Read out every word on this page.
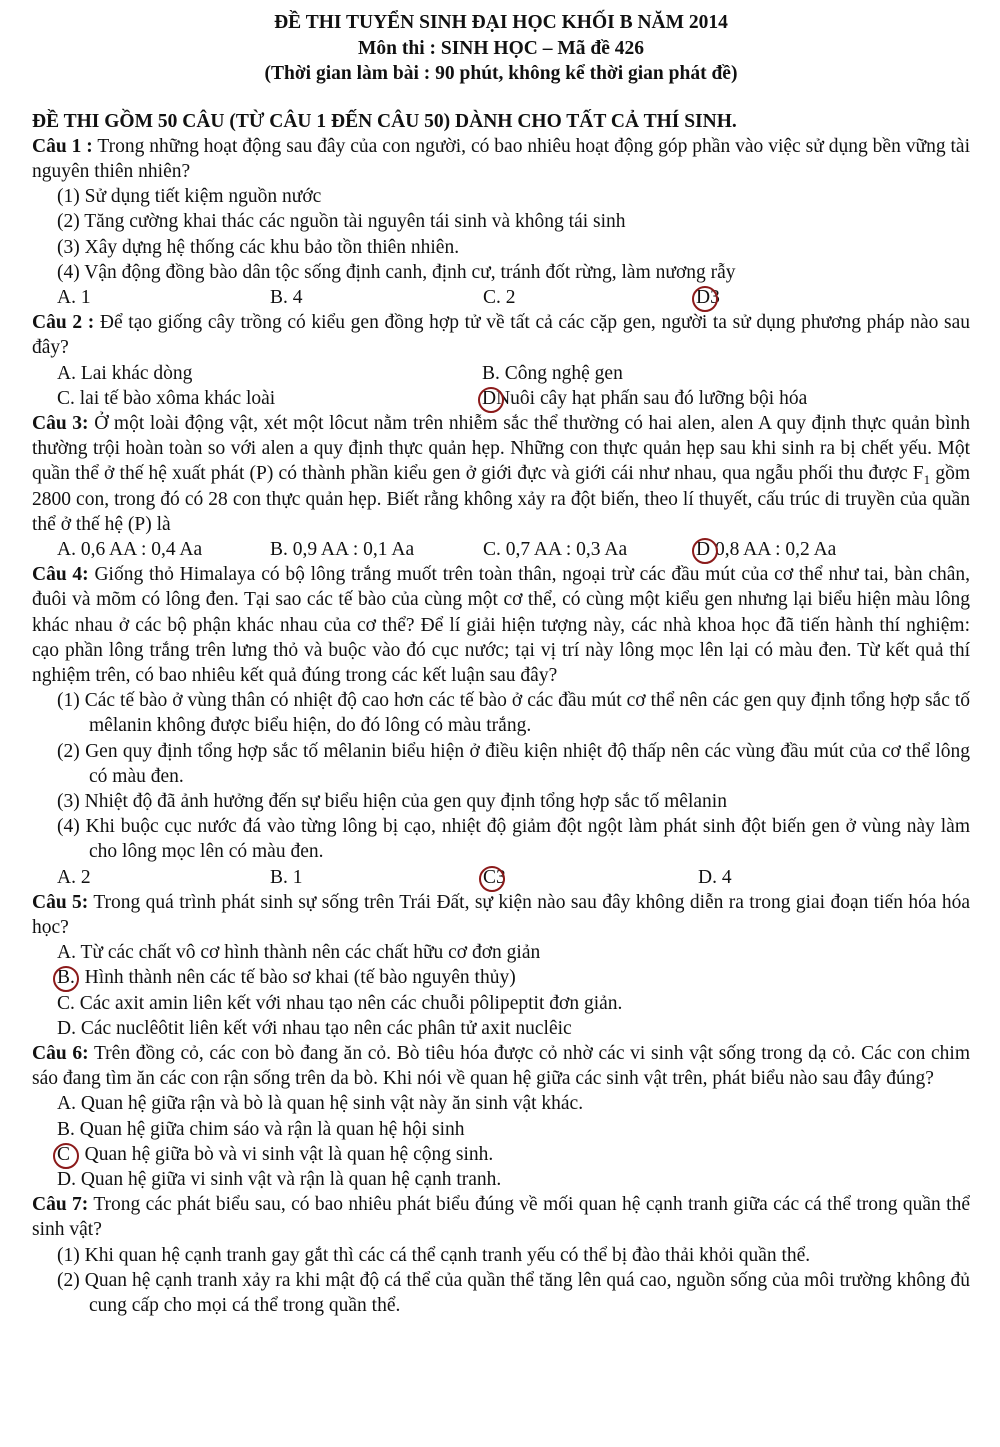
ĐỀ THI TUYỂN SINH ĐẠI HỌC KHỐI B NĂM 2014
Môn thi : SINH HỌC – Mã đề 426
(Thời gian làm bài : 90 phút, không kể thời gian phát đề)
ĐỀ THI GỒM 50 CÂU (TỪ CÂU 1 ĐẾN CÂU 50) DÀNH CHO TẤT CẢ THÍ SINH.
Câu 1 : Trong những hoạt động sau đây của con người, có bao nhiêu hoạt động góp phần vào việc sử dụng bền vững tài nguyên thiên nhiên?
(1) Sử dụng tiết kiệm nguồn nước
(2) Tăng cường khai thác các nguồn tài nguyên tái sinh và không tái sinh
(3) Xây dựng hệ thống các khu bảo tồn thiên nhiên.
(4) Vận động đồng bào dân tộc sống định canh, định cư, tránh đốt rừng, làm nương rẫy
A. 1	B. 4	C. 2	D3
Câu 2 : Để tạo giống cây trồng có kiểu gen đồng hợp tử về tất cả các cặp gen, người ta sử dụng phương pháp nào sau đây?
A. Lai khác dòng	B. Công nghệ gen
C. lai tế bào xôma khác loài	DNuôi cây hạt phấn sau đó lưỡng bội hóa
Câu 3: Ở một loài động vật, xét một lôcut nằm trên nhiễm sắc thể thường có hai alen, alen A quy định thực quản bình thường trội hoàn toàn so với alen a quy định thực quản hẹp. Những con thực quản hẹp sau khi sinh ra bị chết yếu. Một quần thể ở thế hệ xuất phát (P) có thành phần kiểu gen ở giới đực và giới cái như nhau, qua ngẫu phối thu được $F_1$ gồm 2800 con, trong đó có 28 con thực quản hẹp. Biết rằng không xảy ra đột biến, theo lí thuyết, cấu trúc di truyền của quần thể ở thế hệ (P) là
A. 0,6 AA : 0,4 Aa	B. 0,9 AA : 0,1 Aa	C. 0,7 AA : 0,3 Aa	D 0,8 AA : 0,2 Aa
Câu 4: Giống thỏ Himalaya có bộ lông trắng muốt trên toàn thân, ngoại trừ các đầu mút của cơ thể như tai, bàn chân, đuôi và mõm có lông đen. Tại sao các tế bào của cùng một cơ thể, có cùng một kiểu gen nhưng lại biểu hiện màu lông khác nhau ở các bộ phận khác nhau của cơ thể? Để lí giải hiện tượng này, các nhà khoa học đã tiến hành thí nghiệm: cạo phần lông trắng trên lưng thỏ và buộc vào đó cục nước; tại vị trí này lông mọc lên lại có màu đen. Từ kết quả thí nghiệm trên, có bao nhiêu kết quả đúng trong các kết luận sau đây?
(1) Các tế bào ở vùng thân có nhiệt độ cao hơn các tế bào ở các đầu mút cơ thể nên các gen quy định tổng hợp sắc tố mêlanin không được biểu hiện, do đó lông có màu trắng.
(2) Gen quy định tổng hợp sắc tố mêlanin biểu hiện ở điều kiện nhiệt độ thấp nên các vùng đầu mút của cơ thể lông có màu đen.
(3) Nhiệt độ đã ảnh hưởng đến sự biểu hiện của gen quy định tổng hợp sắc tố mêlanin
(4) Khi buộc cục nước đá vào từng lông bị cạo, nhiệt độ giảm đột ngột làm phát sinh đột biến gen ở vùng này làm cho lông mọc lên có màu đen.
A. 2	B. 1	C3	D. 4
Câu 5: Trong quá trình phát sinh sự sống trên Trái Đất, sự kiện nào sau đây không diễn ra trong giai đoạn tiến hóa hóa học?
A. Từ các chất vô cơ hình thành nên các chất hữu cơ đơn giản
B. Hình thành nên các tế bào sơ khai (tế bào nguyên thủy)
C. Các axit amin liên kết với nhau tạo nên các chuỗi pôlipeptit đơn giản.
D. Các nuclêôtit liên kết với nhau tạo nên các phân tử axit nuclêic
Câu 6: Trên đồng cỏ, các con bò đang ăn cỏ. Bò tiêu hóa được cỏ nhờ các vi sinh vật sống trong dạ cỏ. Các con chim sáo đang tìm ăn các con rận sống trên da bò. Khi nói về quan hệ giữa các sinh vật trên, phát biểu nào sau đây đúng?
A. Quan hệ giữa rận và bò là quan hệ sinh vật này ăn sinh vật khác.
B. Quan hệ giữa chim sáo và rận là quan hệ hội sinh
C Quan hệ giữa bò và vi sinh vật là quan hệ cộng sinh.
D. Quan hệ giữa vi sinh vật và rận là quan hệ cạnh tranh.
Câu 7: Trong các phát biểu sau, có bao nhiêu phát biểu đúng về mối quan hệ cạnh tranh giữa các cá thể trong quần thể sinh vật?
(1) Khi quan hệ cạnh tranh gay gắt thì các cá thể cạnh tranh yếu có thể bị đào thải khỏi quần thể.
(2) Quan hệ cạnh tranh xảy ra khi mật độ cá thể của quần thể tăng lên quá cao, nguồn sống của môi trường không đủ cung cấp cho mọi cá thể trong quần thể.
